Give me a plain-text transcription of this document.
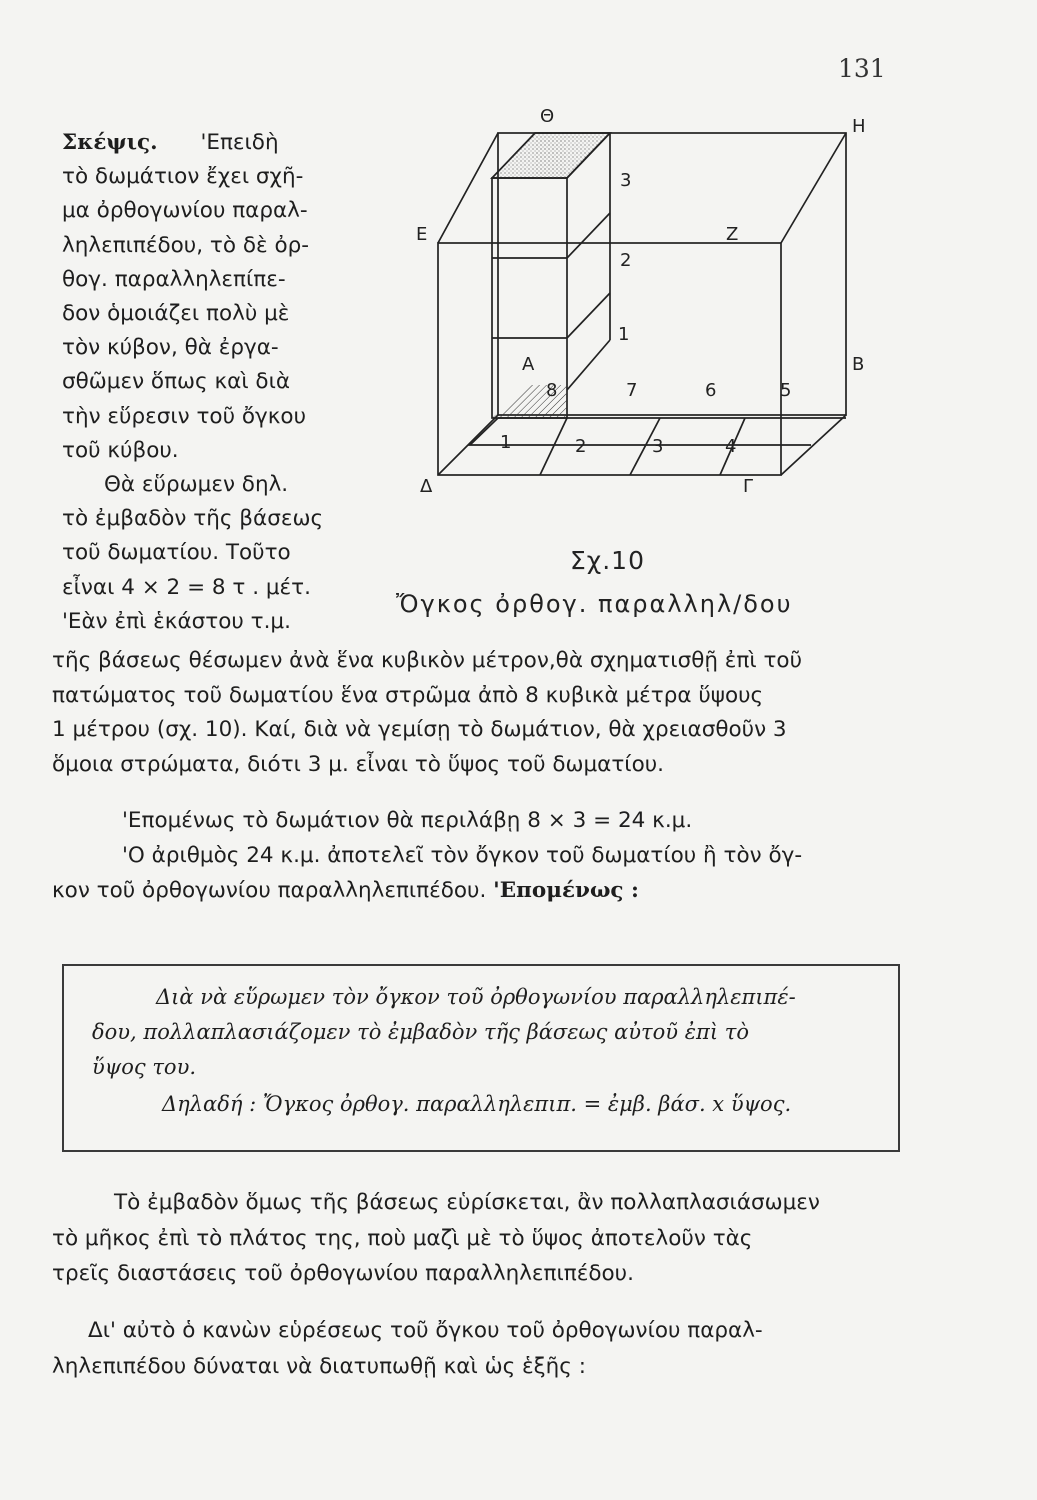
131
Σκέψις. 'Επειδὴ
τὸ δωμάτιον ἔχει σχῆ-
μα ὀρθογωνίου παραλ-
ληλεπιπέδου, τὸ δὲ ὀρ-
θογ. παραλληλεπίπε-
δον ὁμοιάζει πολὺ μὲ
τὸν κύβον, θὰ ἐργα-
σθῶμεν ὅπως καὶ διὰ
τὴν εὕρεσιν τοῦ ὄγκου
τοῦ κύβου.
Θὰ εὕρωμεν δηλ.
τὸ ἐμβαδὸν τῆς βάσεως
τοῦ δωματίου. Τοῦτο
εἶναι 4 × 2 = 8 τ . μέτ.
'Εὰν ἐπὶ ἑκάστου τ.μ.
Θ	H
E	Z
A	B
Δ	Γ
3
2
1
8	7	6	5
1	2	3	4
Σχ.10
Ὄγκος ὀρθογ. παραλληλ/δου
τῆς βάσεως θέσωμεν ἀνὰ ἕνα κυβικὸν μέτρον,θὰ σχηματισθῇ ἐπὶ τοῦ
πατώματος τοῦ δωματίου ἕνα στρῶμα ἀπὸ 8 κυβικὰ μέτρα ὕψους
1 μέτρου (σχ. 10). Καί, διὰ νὰ γεμίσῃ τὸ δωμάτιον, θὰ χρειασθοῦν 3
ὅμοια στρώματα, διότι 3 μ. εἶναι τὸ ὕψος τοῦ δωματίου.
'Επομένως τὸ δωμάτιον θὰ περιλάβῃ 8 × 3 = 24 κ.μ.
'Ο ἀριθμὸς 24 κ.μ. ἀποτελεῖ τὸν ὄγκον τοῦ δωματίου ἢ τὸν ὄγ-
κον τοῦ ὀρθογωνίου παραλληλεπιπέδου. 'Επομένως :
Διὰ νὰ εὕρωμεν τὸν ὄγκον τοῦ ὀρθογωνίου παραλληλεπιπέ-
δου, πολλαπλασιάζομεν τὸ ἐμβαδὸν τῆς βάσεως αὐτοῦ ἐπὶ τὸ
ὕψος του.
Δηλαδή : Ὄγκος ὀρθογ. παραλληλεπιπ. = ἐμβ. βάσ. x ὕψος.
Τὸ ἐμβαδὸν ὅμως τῆς βάσεως εὑρίσκεται, ἂν πολλαπλασιάσωμεν
τὸ μῆκος ἐπὶ τὸ πλάτος της, ποὺ μαζὶ μὲ τὸ ὕψος ἀποτελοῦν τὰς
τρεῖς διαστάσεις τοῦ ὀρθογωνίου παραλληλεπιπέδου.
Δι' αὐτὸ ὁ κανὼν εὑρέσεως τοῦ ὄγκου τοῦ ὀρθογωνίου παραλ-
ληλεπιπέδου δύναται νὰ διατυπωθῇ καὶ ὡς ἑξῆς :
